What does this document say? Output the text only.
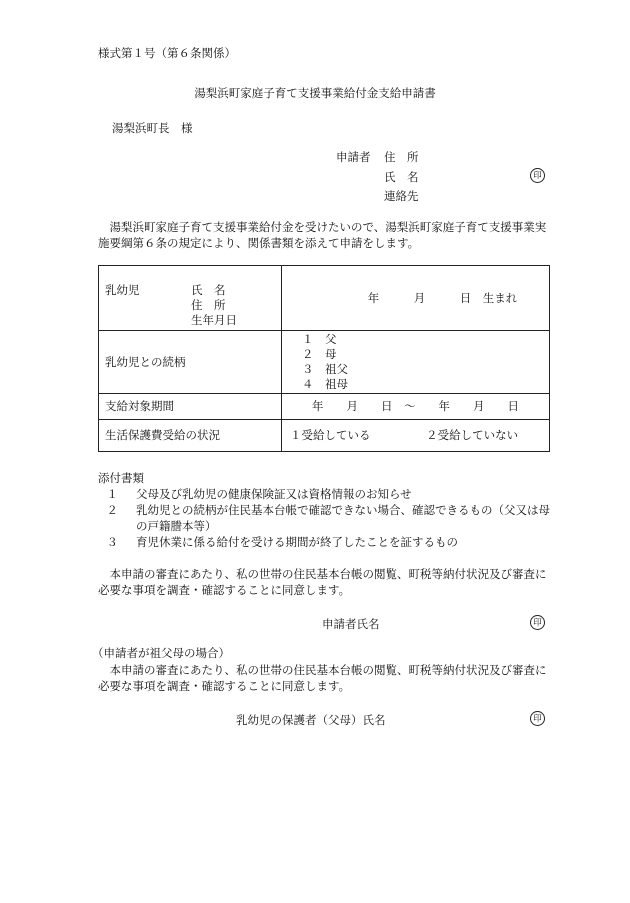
様式第１号（第６条関係）
湯梨浜町家庭子育て支援事業給付金支給申請書
湯梨浜町長　様
申請者 住　所
氏　名	印
連絡先
湯梨浜町家庭子育て支援事業給付金を受けたいので、湯梨浜町家庭子育て支援事業実施要綱第６条の規定により、関係書類を添えて申請をします。
乳幼児 氏　名
住　所
生年月日	年　　　月　　　日　生まれ
乳幼児との続柄	１　父
２　母
３　祖父
４　祖母

支給対象期間	年　　月　　日　～　　年　　月　　日
生活保護費受給の状況	１受給している ２受給していない
添付書類
１	父母及び乳幼児の健康保険証又は資格情報のお知らせ
２	乳幼児との続柄が住民基本台帳で確認できない場合、確認できるもの（父又は母の戸籍謄本等）
３	育児休業に係る給付を受ける期間が終了したことを証するもの
本申請の審査にあたり、私の世帯の住民基本台帳の閲覧、町税等納付状況及び審査に必要な事項を調査・確認することに同意します。
申請者氏名	印
（申請者が祖父母の場合）
本申請の審査にあたり、私の世帯の住民基本台帳の閲覧、町税等納付状況及び審査に必要な事項を調査・確認することに同意します。
乳幼児の保護者（父母）氏名	印
